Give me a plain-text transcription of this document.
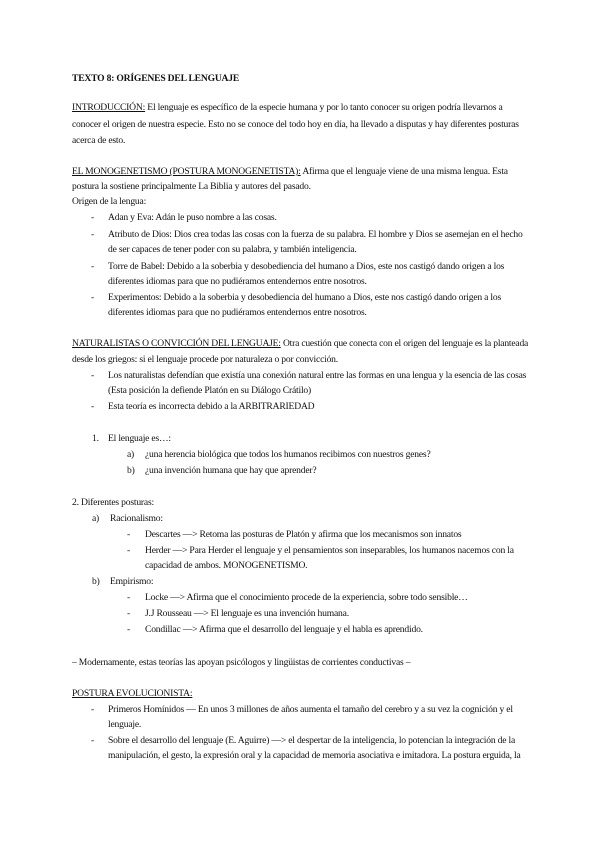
TEXTO 8: ORÍGENES DEL LENGUAJE
INTRODUCCIÓN: El lenguaje es específico de la especie humana y por lo tanto conocer su origen podría llevarnos a
conocer el origen de nuestra especie. Esto no se conoce del todo hoy en día, ha llevado a disputas y hay diferentes posturas
acerca de esto.
EL MONOGENETISMO (POSTURA MONOGENETISTA): Afirma que el lenguaje viene de una misma lengua. Esta
postura la sostiene principalmente La Biblia y autores del pasado.
Origen de la lengua:
- Adan y Eva: Adán le puso nombre a las cosas.
- Atributo de Dios: Dios crea todas las cosas con la fuerza de su palabra. El hombre y Dios se asemejan en el hecho
de ser capaces de tener poder con su palabra, y también inteligencia.
- Torre de Babel: Debido a la soberbia y desobediencia del humano a Dios, este nos castigó dando origen a los
diferentes idiomas para que no pudiéramos entendernos entre nosotros.
- Experimentos: Debido a la soberbia y desobediencia del humano a Dios, este nos castigó dando origen a los
diferentes idiomas para que no pudiéramos entendernos entre nosotros.
NATURALISTAS O CONVICCIÓN DEL LENGUAJE: Otra cuestión que conecta con el origen del lenguaje es la planteada
desde los griegos: si el lenguaje procede por naturaleza o por convicción.
- Los naturalistas defendían que existía una conexión natural entre las formas en una lengua y la esencia de las cosas
(Esta posición la defiende Platón en su Diálogo Crátilo)
- Esta teoría es incorrecta debido a la ARBITRARIEDAD
1. El lenguaje es…:
a) ¿una herencia biológica que todos los humanos recibimos con nuestros genes?
b) ¿una invención humana que hay que aprender?
2. Diferentes posturas:
a) Racionalismo:
- Descartes —> Retoma las posturas de Platón y afirma que los mecanismos son innatos
- Herder —> Para Herder el lenguaje y el pensamientos son inseparables, los humanos nacemos con la
capacidad de ambos. MONOGENETISMO.
b) Empirismo:
- Locke —> Afirma que el conocimiento procede de la experiencia, sobre todo sensible…
- J.J Rousseau —> El lenguaje es una invención humana.
- Condillac —> Afirma que el desarrollo del lenguaje y el habla es aprendido.
– Modernamente, estas teorías las apoyan psicólogos y lingüistas de corrientes conductivas –
POSTURA EVOLUCIONISTA:
- Primeros Homínidos — En unos 3 millones de años aumenta el tamaño del cerebro y a su vez la cognición y el
lenguaje.
- Sobre el desarrollo del lenguaje (E. Aguirre) —> el despertar de la inteligencia, lo potencian la integración de la
manipulación, el gesto, la expresión oral y la capacidad de memoria asociativa e imitadora. La postura erguida, la
